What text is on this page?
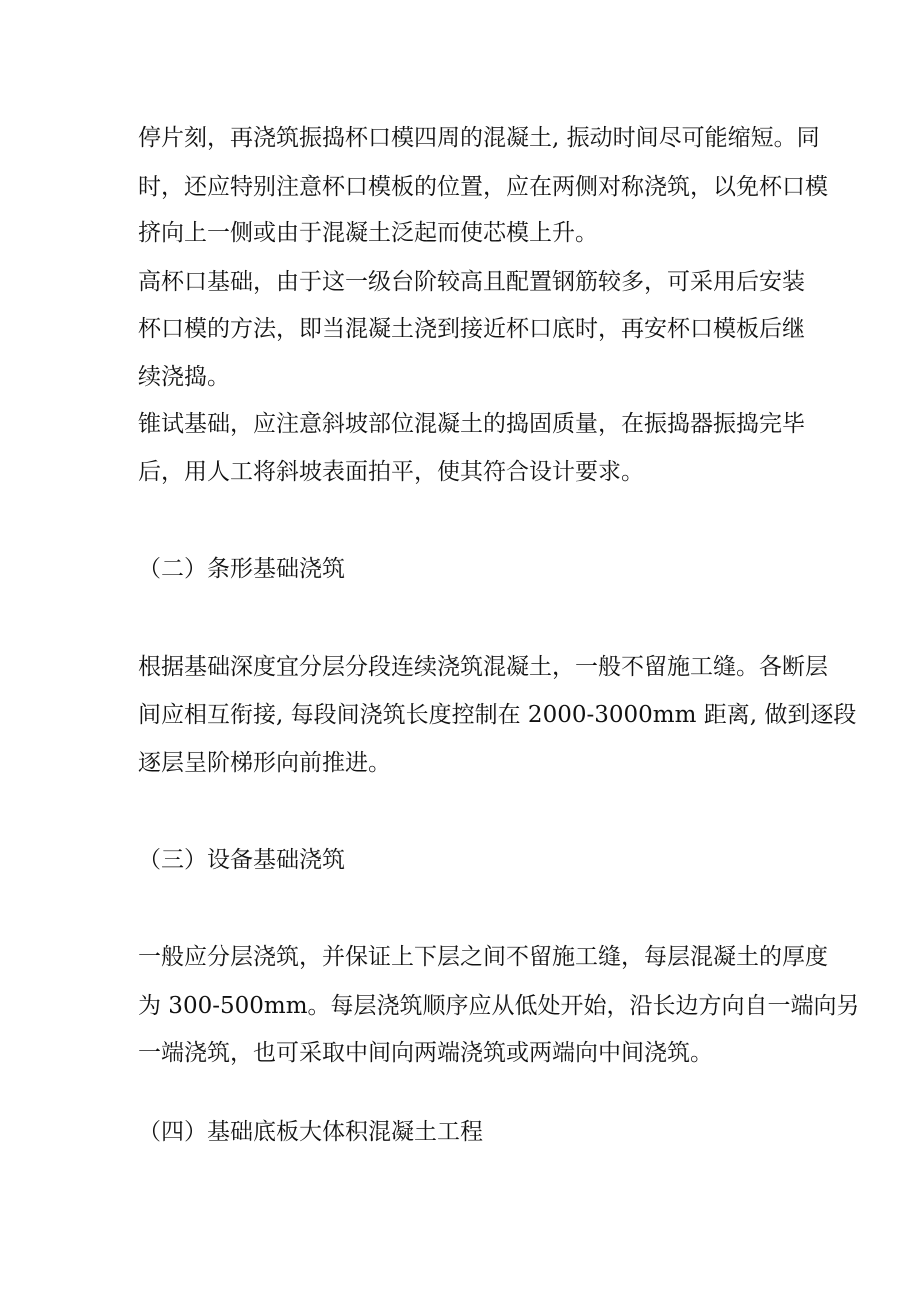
停片刻，再浇筑振捣杯口模四周的混凝土, 振动时间尽可能缩短。同
时，还应特别注意杯口模板的位置，应在两侧对称浇筑，以免杯口模
挤向上一侧或由于混凝土泛起而使芯模上升。
高杯口基础，由于这一级台阶较高且配置钢筋较多，可采用后安装
杯口模的方法，即当混凝土浇到接近杯口底时，再安杯口模板后继
续浇捣。
锥试基础，应注意斜坡部位混凝土的捣固质量，在振捣器振捣完毕
后，用人工将斜坡表面拍平，使其符合设计要求。
（二）条形基础浇筑
根据基础深度宜分层分段连续浇筑混凝土，一般不留施工缝。各断层
间应相互衔接, 每段间浇筑长度控制在 2000-3000mm 距离, 做到逐段
逐层呈阶梯形向前推进。
（三）设备基础浇筑
一般应分层浇筑，并保证上下层之间不留施工缝，每层混凝土的厚度
为 300-500mm。每层浇筑顺序应从低处开始，沿长边方向自一端向另
一端浇筑，也可采取中间向两端浇筑或两端向中间浇筑。
（四）基础底板大体积混凝土工程
